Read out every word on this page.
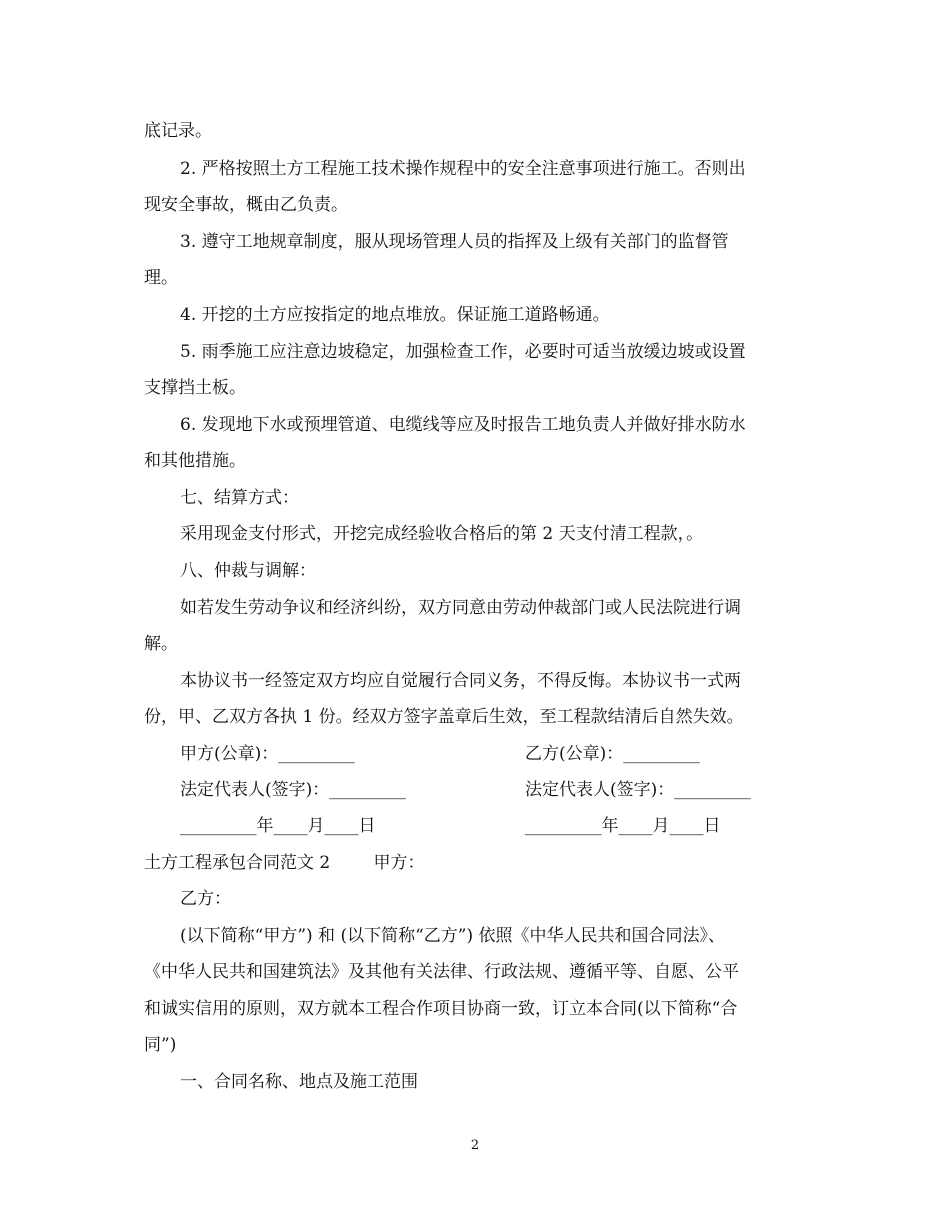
底记录。
2. 严格按照土方工程施工技术操作规程中的安全注意事项进行施工。否则出
现安全事故，概由乙负责。
3. 遵守工地规章制度，服从现场管理人员的指挥及上级有关部门的监督管
理。
4. 开挖的土方应按指定的地点堆放。保证施工道路畅通。
5. 雨季施工应注意边坡稳定，加强检查工作，必要时可适当放缓边坡或设置
支撑挡土板。
6. 发现地下水或预埋管道、电缆线等应及时报告工地负责人并做好排水防水
和其他措施。
七、结算方式：
采用现金支付形式，开挖完成经验收合格后的第 2 天支付清工程款，。
八、仲裁与调解：
如若发生劳动争议和经济纠纷，双方同意由劳动仲裁部门或人民法院进行调
解。
本协议书一经签定双方均应自觉履行合同义务，不得反悔。本协议书一式两
份，甲、乙双方各执 1 份。经双方签字盖章后生效，至工程款结清后自然失效。
甲方(公章)：_________	乙方(公章)：_________
法定代表人(签字)：_________	法定代表人(签字)：_________
_________年____月____日	_________年____月____日
土方工程承包合同范文 2        甲方：
乙方：
(以下简称“甲方”) 和 (以下简称“乙方”) 依照《中华人民共和国合同法》、
《中华人民共和国建筑法》及其他有关法律、行政法规、遵循平等、自愿、公平
和诚实信用的原则，双方就本工程合作项目协商一致，订立本合同(以下简称“合
同”)
一、合同名称、地点及施工范围
2
